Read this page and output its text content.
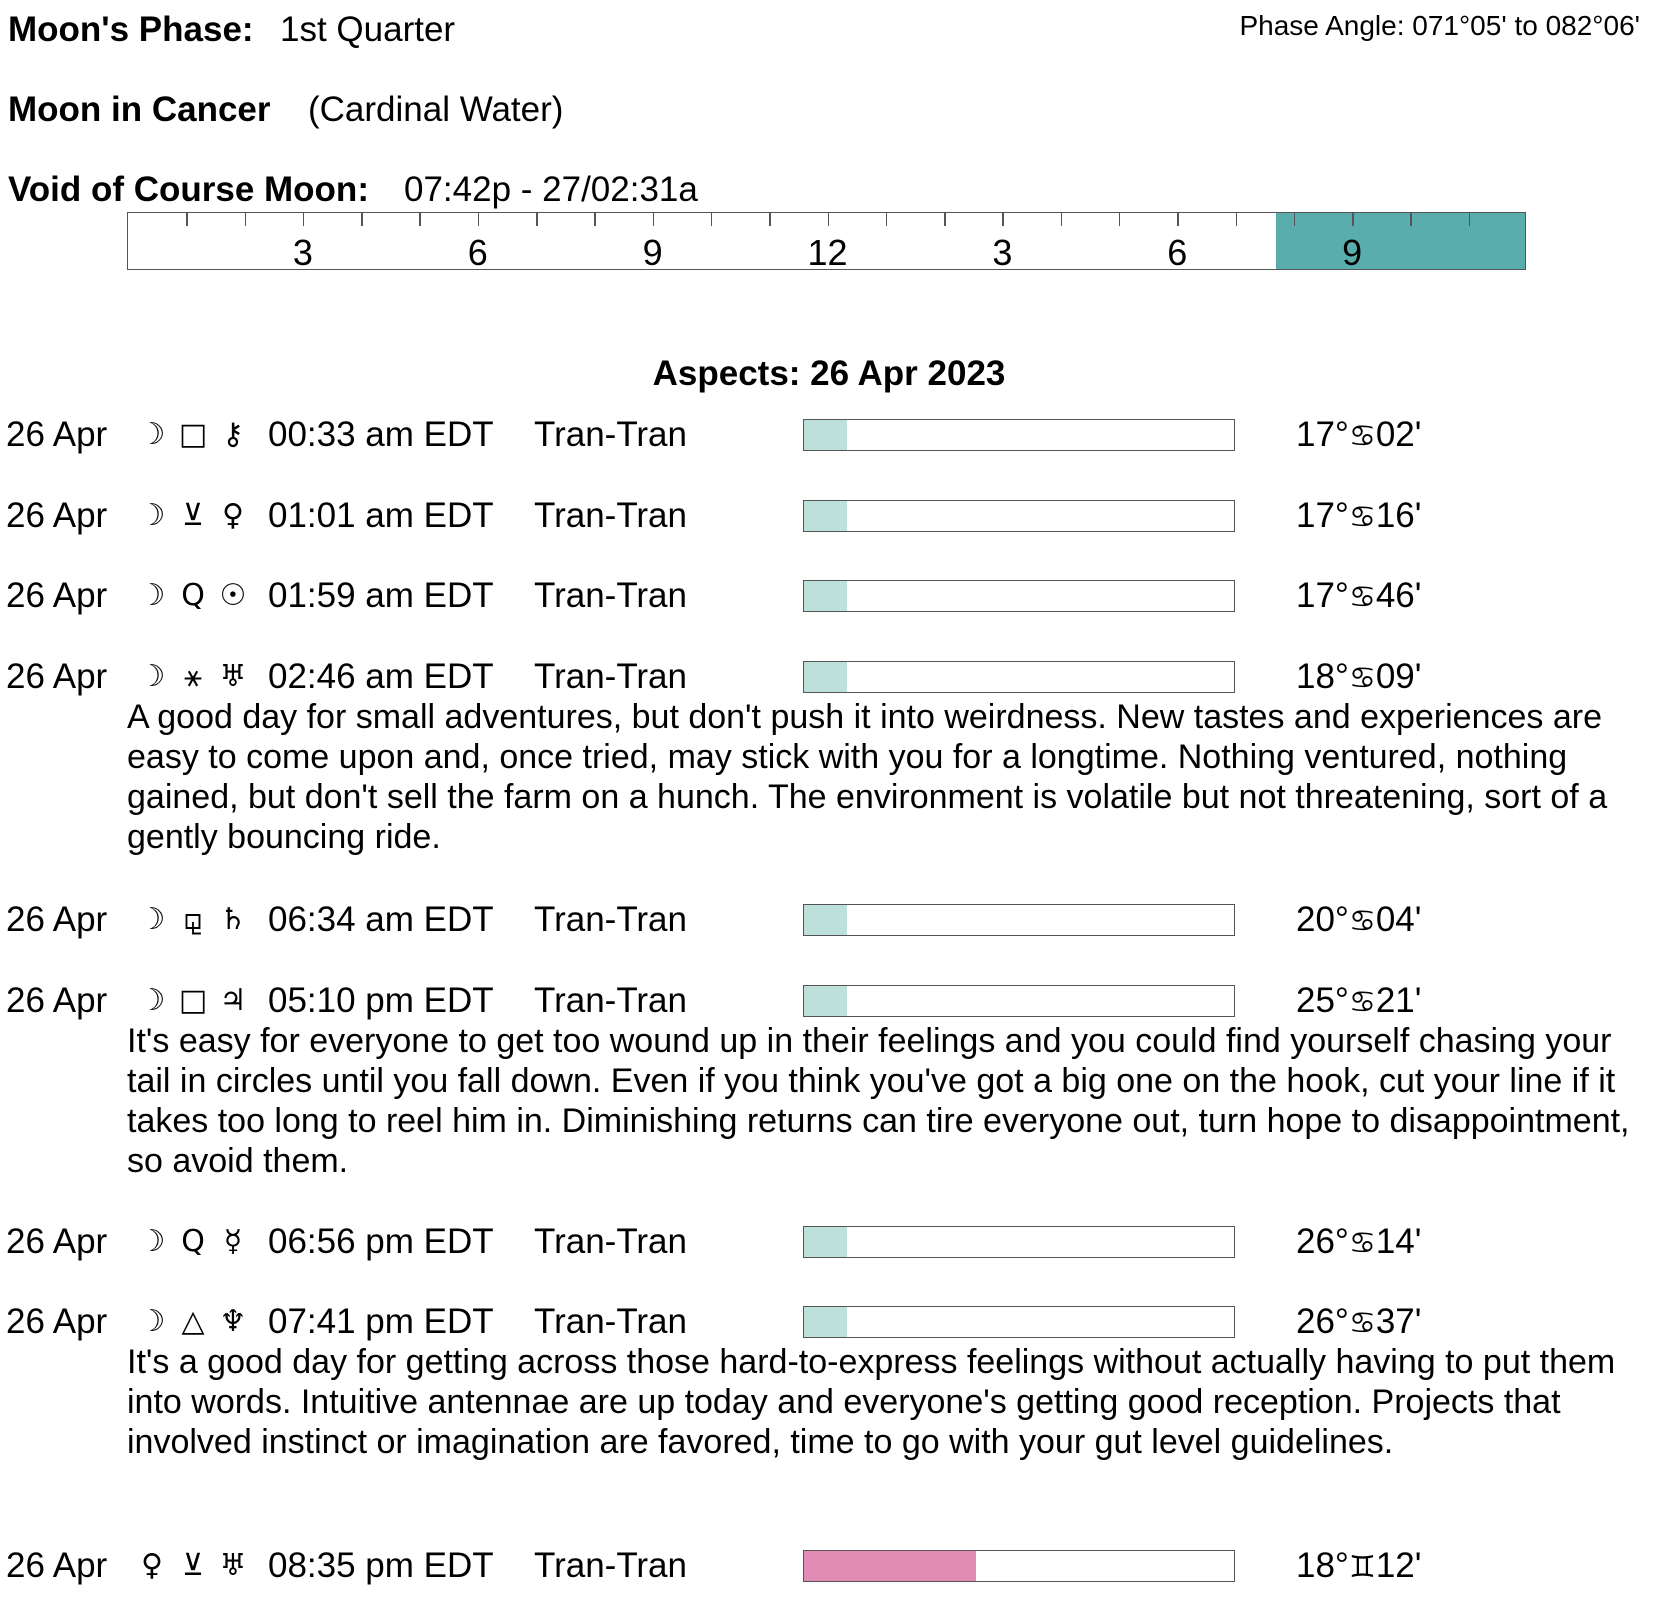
Moon's Phase: 1st Quarter	Phase Angle: 071°05' to 082°06'
Moon in Cancer (Cardinal Water)
Void of Course Moon: 07:42p - 27/02:31a
3	6	9	12	3	6	9
Aspects: 26 Apr 2023
26 Apr ☽ □ ⚷ 00:33 am EDT Tran-Tran	17°♋02'
26 Apr ☽ ⊻ ♀ 01:01 am EDT Tran-Tran	17°♋16'
26 Apr ☽ Q ☉ 01:59 am EDT Tran-Tran	17°♋46'
26 Apr ☽ ⚹ ♅ 02:46 am EDT Tran-Tran	18°♋09'
A good day for small adventures, but don't push it into weirdness. New tastes and experiences are easy to come upon and, once tried, may stick with you for a longtime. Nothing ventured, nothing gained, but don't sell the farm on a hunch. The environment is volatile but not threatening, sort of a gently bouncing ride.
26 Apr ☽ ⚼ ♄ 06:34 am EDT Tran-Tran	20°♋04'
26 Apr ☽ □ ♃ 05:10 pm EDT Tran-Tran	25°♋21'
It's easy for everyone to get too wound up in their feelings and you could find yourself chasing your tail in circles until you fall down. Even if you think you've got a big one on the hook, cut your line if it takes too long to reel him in. Diminishing returns can tire everyone out, turn hope to disappointment, so avoid them.
26 Apr ☽ Q ☿ 06:56 pm EDT Tran-Tran	26°♋14'
26 Apr ☽ △ ♆ 07:41 pm EDT Tran-Tran	26°♋37'
It's a good day for getting across those hard-to-express feelings without actually having to put them into words. Intuitive antennae are up today and everyone's getting good reception. Projects that involved instinct or imagination are favored, time to go with your gut level guidelines.
26 Apr ♀ ⊻ ♅ 08:35 pm EDT Tran-Tran	18°♊12'
